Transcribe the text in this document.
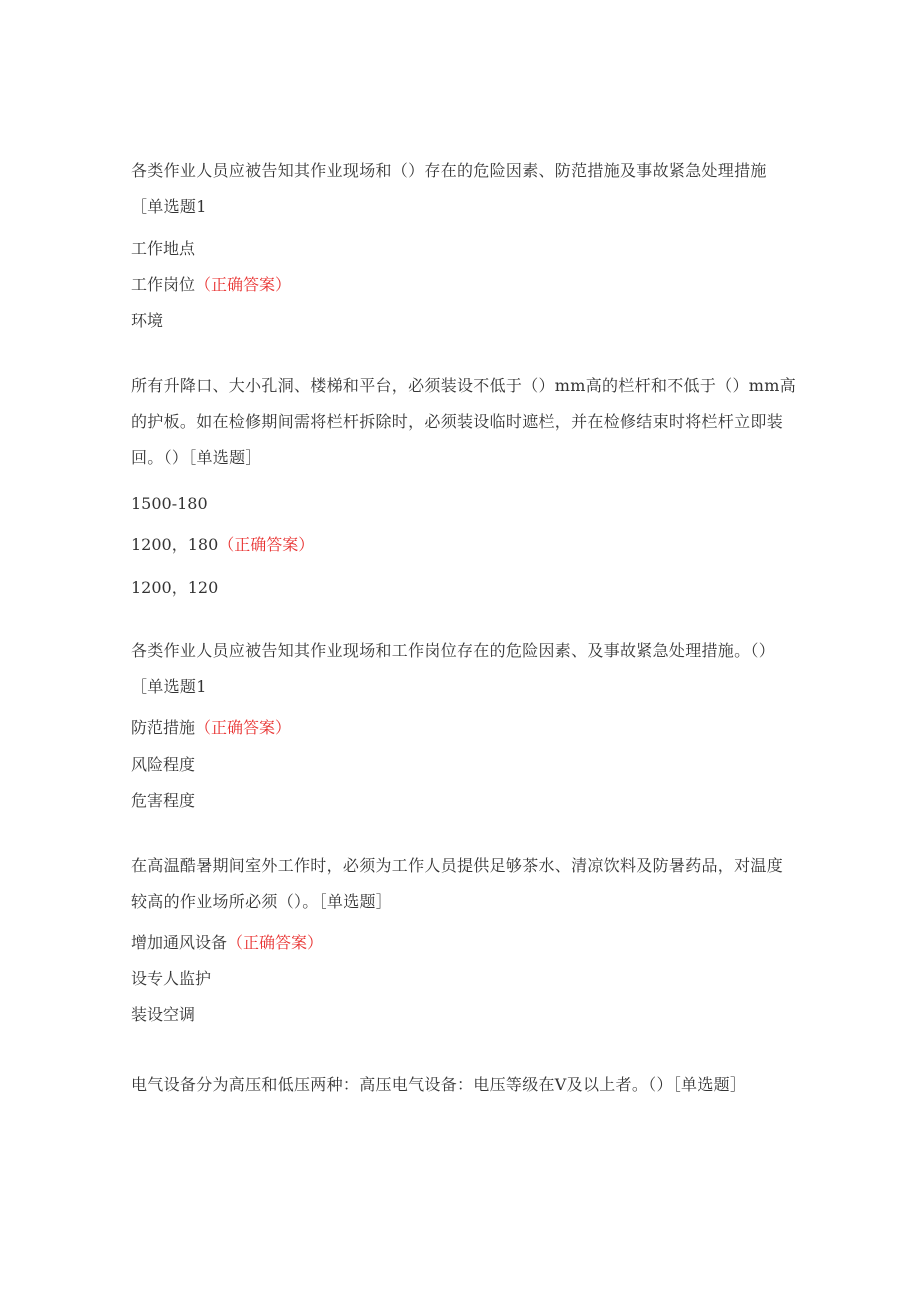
各类作业人员应被告知其作业现场和（）存在的危险因素、防范措施及事故紧急处理措施［单选题1
工作地点
工作岗位（正确答案）
环境
所有升降口、大小孔洞、楼梯和平台，必须装设不低于（）mm高的栏杆和不低于（）mm高的护板。如在检修期间需将栏杆拆除时，必须装设临时遮栏，并在检修结束时将栏杆立即装回。（）［单选题］
1500-180
1200，180（正确答案）
1200，120
各类作业人员应被告知其作业现场和工作岗位存在的危险因素、及事故紧急处理措施。（）［单选题1
防范措施（正确答案）
风险程度
危害程度
在高温酷暑期间室外工作时，必须为工作人员提供足够茶水、清凉饮料及防暑药品，对温度较高的作业场所必须（）。［单选题］
增加通风设备（正确答案）
设专人监护
装设空调
电气设备分为高压和低压两种：高压电气设备：电压等级在V及以上者。（）［单选题］
